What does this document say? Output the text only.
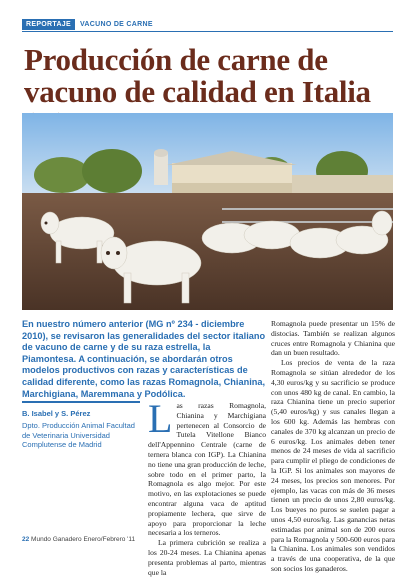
REPORTAJE	VACUNO DE CARNE
Producción de carne de vacuno de calidad en Italia

En nuestro número anterior (MG nº 234 - diciembre 2010), se revisaron las generalidades del sector italiano de vacuno de carne y de su raza estrella, la Piamontesa. A continuación, se abordarán otros modelos productivos con razas y características de calidad diferente, como las razas Romagnola, Chianina, Marchigiana, Maremmana y Podólica.

B. Isabel y S. Pérez
Dpto. Producción Animal Facultad de Veterinaria Universidad Complutense de Madrid
L as razas Romagnola, Chianina y Marchigiana pertenecen al Consorcio de Tutela Vitellone Bianco dell'Appennino Centrale (carne de ternera blanca con IGP). La Chianina no tiene una gran producción de leche, sobre todo en el primer parto, la Romagnola es algo mejor. Por este motivo, en las explotaciones se puede encontrar alguna vaca de aptitud propiamente lechera, que sirve de apoyo para proporcionar la leche necesaria a los terneros.

La primera cubrición se realiza a los 20-24 meses. La Chianina apenas presenta problemas al parto, mientras que la

Romagnola puede presentar un 15% de distocias. También se realizan algunos cruces entre Romagnola y Chianina que dan un buen resultado.

Los precios de venta de la raza Romagnola se sitúan alrededor de los 4,30 euros/kg y su sacrificio se produce con unos 480 kg de canal. En cambio, la raza Chianina tiene un precio superior (5,40 euros/kg) y sus canales llegan a los 600 kg. Además las hembras con canales de 370 kg alcanzan un precio de 6 euros/kg. Los animales deben tener menos de 24 meses de vida al sacrificio para cumplir el pliego de condiciones de la IGP. Si los animales son mayores de 24 meses, los precios son menores. Por ejemplo, las vacas con más de 36 meses tienen un precio de unos 2,80 euros/kg. Los bueyes no puros se suelen pagar a unos 4,50 euros/kg. Las ganancias netas estimadas por animal son de 200 euros para la Romagnola y 500-600 euros para la Chianina. Los animales son vendidos a través de una cooperativa, de la que son socios los ganaderos.

22 Mundo Ganadero Enero/Febrero '11
